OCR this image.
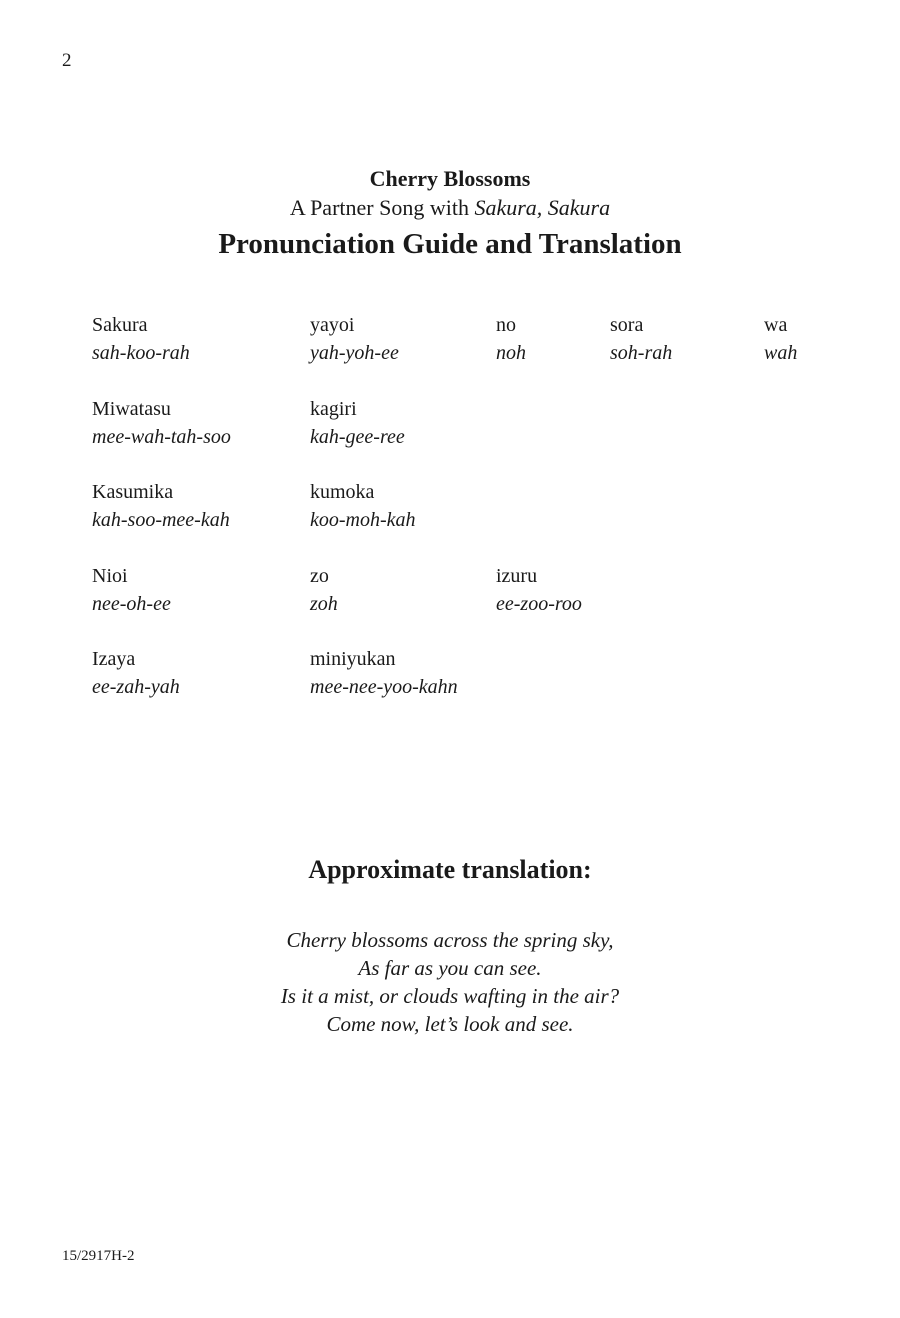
2
Cherry Blossoms
A Partner Song with Sakura, Sakura
Pronunciation Guide and Translation
Sakura
sah-koo-rah
yayoi
yah-yoh-ee
no
noh
sora
soh-rah
wa
wah
Miwatasu
mee-wah-tah-soo
kagiri
kah-gee-ree
Kasumika
kah-soo-mee-kah
kumoka
koo-moh-kah
Nioi
nee-oh-ee
zo
zoh
izuru
ee-zoo-roo
Izaya
ee-zah-yah
miniyukan
mee-nee-yoo-kahn
Approximate translation:
Cherry blossoms across the spring sky,
As far as you can see.
Is it a mist, or clouds wafting in the air?
Come now, let’s look and see.
15/2917H-2
